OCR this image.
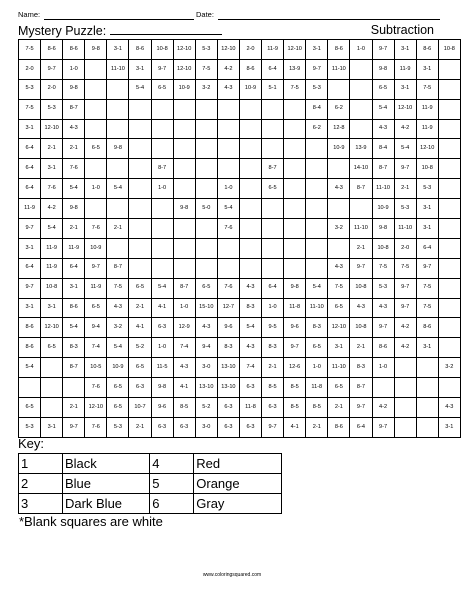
Name:	Date:
Mystery Puzzle:	Subtraction
7-5	8-6	8-6	9-8	3-1	8-6	10-8	12-10	5-3	12-10	2-0	11-9	12-10	3-1	8-6	1-0	9-7	3-1	8-6	10-8
2-0	9-7	1-0		11-10	3-1	9-7	12-10	7-5	4-2	8-6	6-4	13-9	9-7	11-10		9-8	11-9	3-1	
5-3	2-0	9-8			5-4	6-5	10-9	3-2	4-3	10-9	5-1	7-5	5-3			6-5	3-1	7-5	
7-5	5-3	8-7											8-4	6-2		5-4	12-10	11-9	
3-1	12-10	4-3											6-2	12-8		4-3	4-2	11-9	
6-4	2-1	2-1	6-5	9-8										10-9	13-9	8-4	5-4	12-10	
6-4	3-1	7-6				8-7					8-7				14-10	8-7	9-7	10-8	
6-4	7-6	5-4	1-0	5-4		1-0			1-0		6-5			4-3	8-7	11-10	2-1	5-3	
11-9	4-2	9-8					9-8	5-0	5-4							10-9	5-3	3-1	
9-7	5-4	2-1	7-6	2-1					7-6					3-2	11-10	9-8	11-10	3-1	
3-1	11-9	11-9	10-9												2-1	10-8	2-0	6-4	
6-4	11-9	6-4	9-7	8-7										4-3	9-7	7-5	7-5	9-7	
9-7	10-8	3-1	11-9	7-5	6-5	5-4	8-7	6-5	7-6	4-3	6-4	9-8	5-4	7-5	10-8	5-3	9-7	7-5	
3-1	3-1	8-6	6-5	4-3	2-1	4-1	1-0	15-10	12-7	8-3	1-0	11-8	11-10	6-5	4-3	4-3	9-7	7-5	
8-6	12-10	5-4	9-4	3-2	4-1	6-3	12-9	4-3	9-6	5-4	9-5	9-6	8-3	12-10	10-8	9-7	4-2	8-6	
8-6	6-5	8-3	7-4	5-4	5-2	1-0	7-4	9-4	8-3	4-3	8-3	9-7	6-5	3-1	2-1	8-6	4-2	3-1	
5-4		8-7	10-5	10-9	6-5	11-5	4-3	3-0	13-10	7-4	2-1	12-6	1-0	11-10	8-3	1-0			3-2
			7-6	6-5	6-3	9-8	4-1	13-10	13-10	6-3	8-5	8-5	11-8	6-5	8-7				
6-5		2-1	12-10	6-5	10-7	9-6	8-5	5-2	6-3	11-8	6-3	8-5	8-5	2-1	9-7	4-2			4-3
5-3	3-1	9-7	7-6	5-3	2-1	6-3	6-3	3-0	6-3	6-3	9-7	4-1	2-1	8-6	6-4	9-7			3-1
Key:
1	Black	4	Red
2	Blue	5	Orange
3	Dark Blue	6	Gray
*Blank squares are white
www.coloringsquared.com
